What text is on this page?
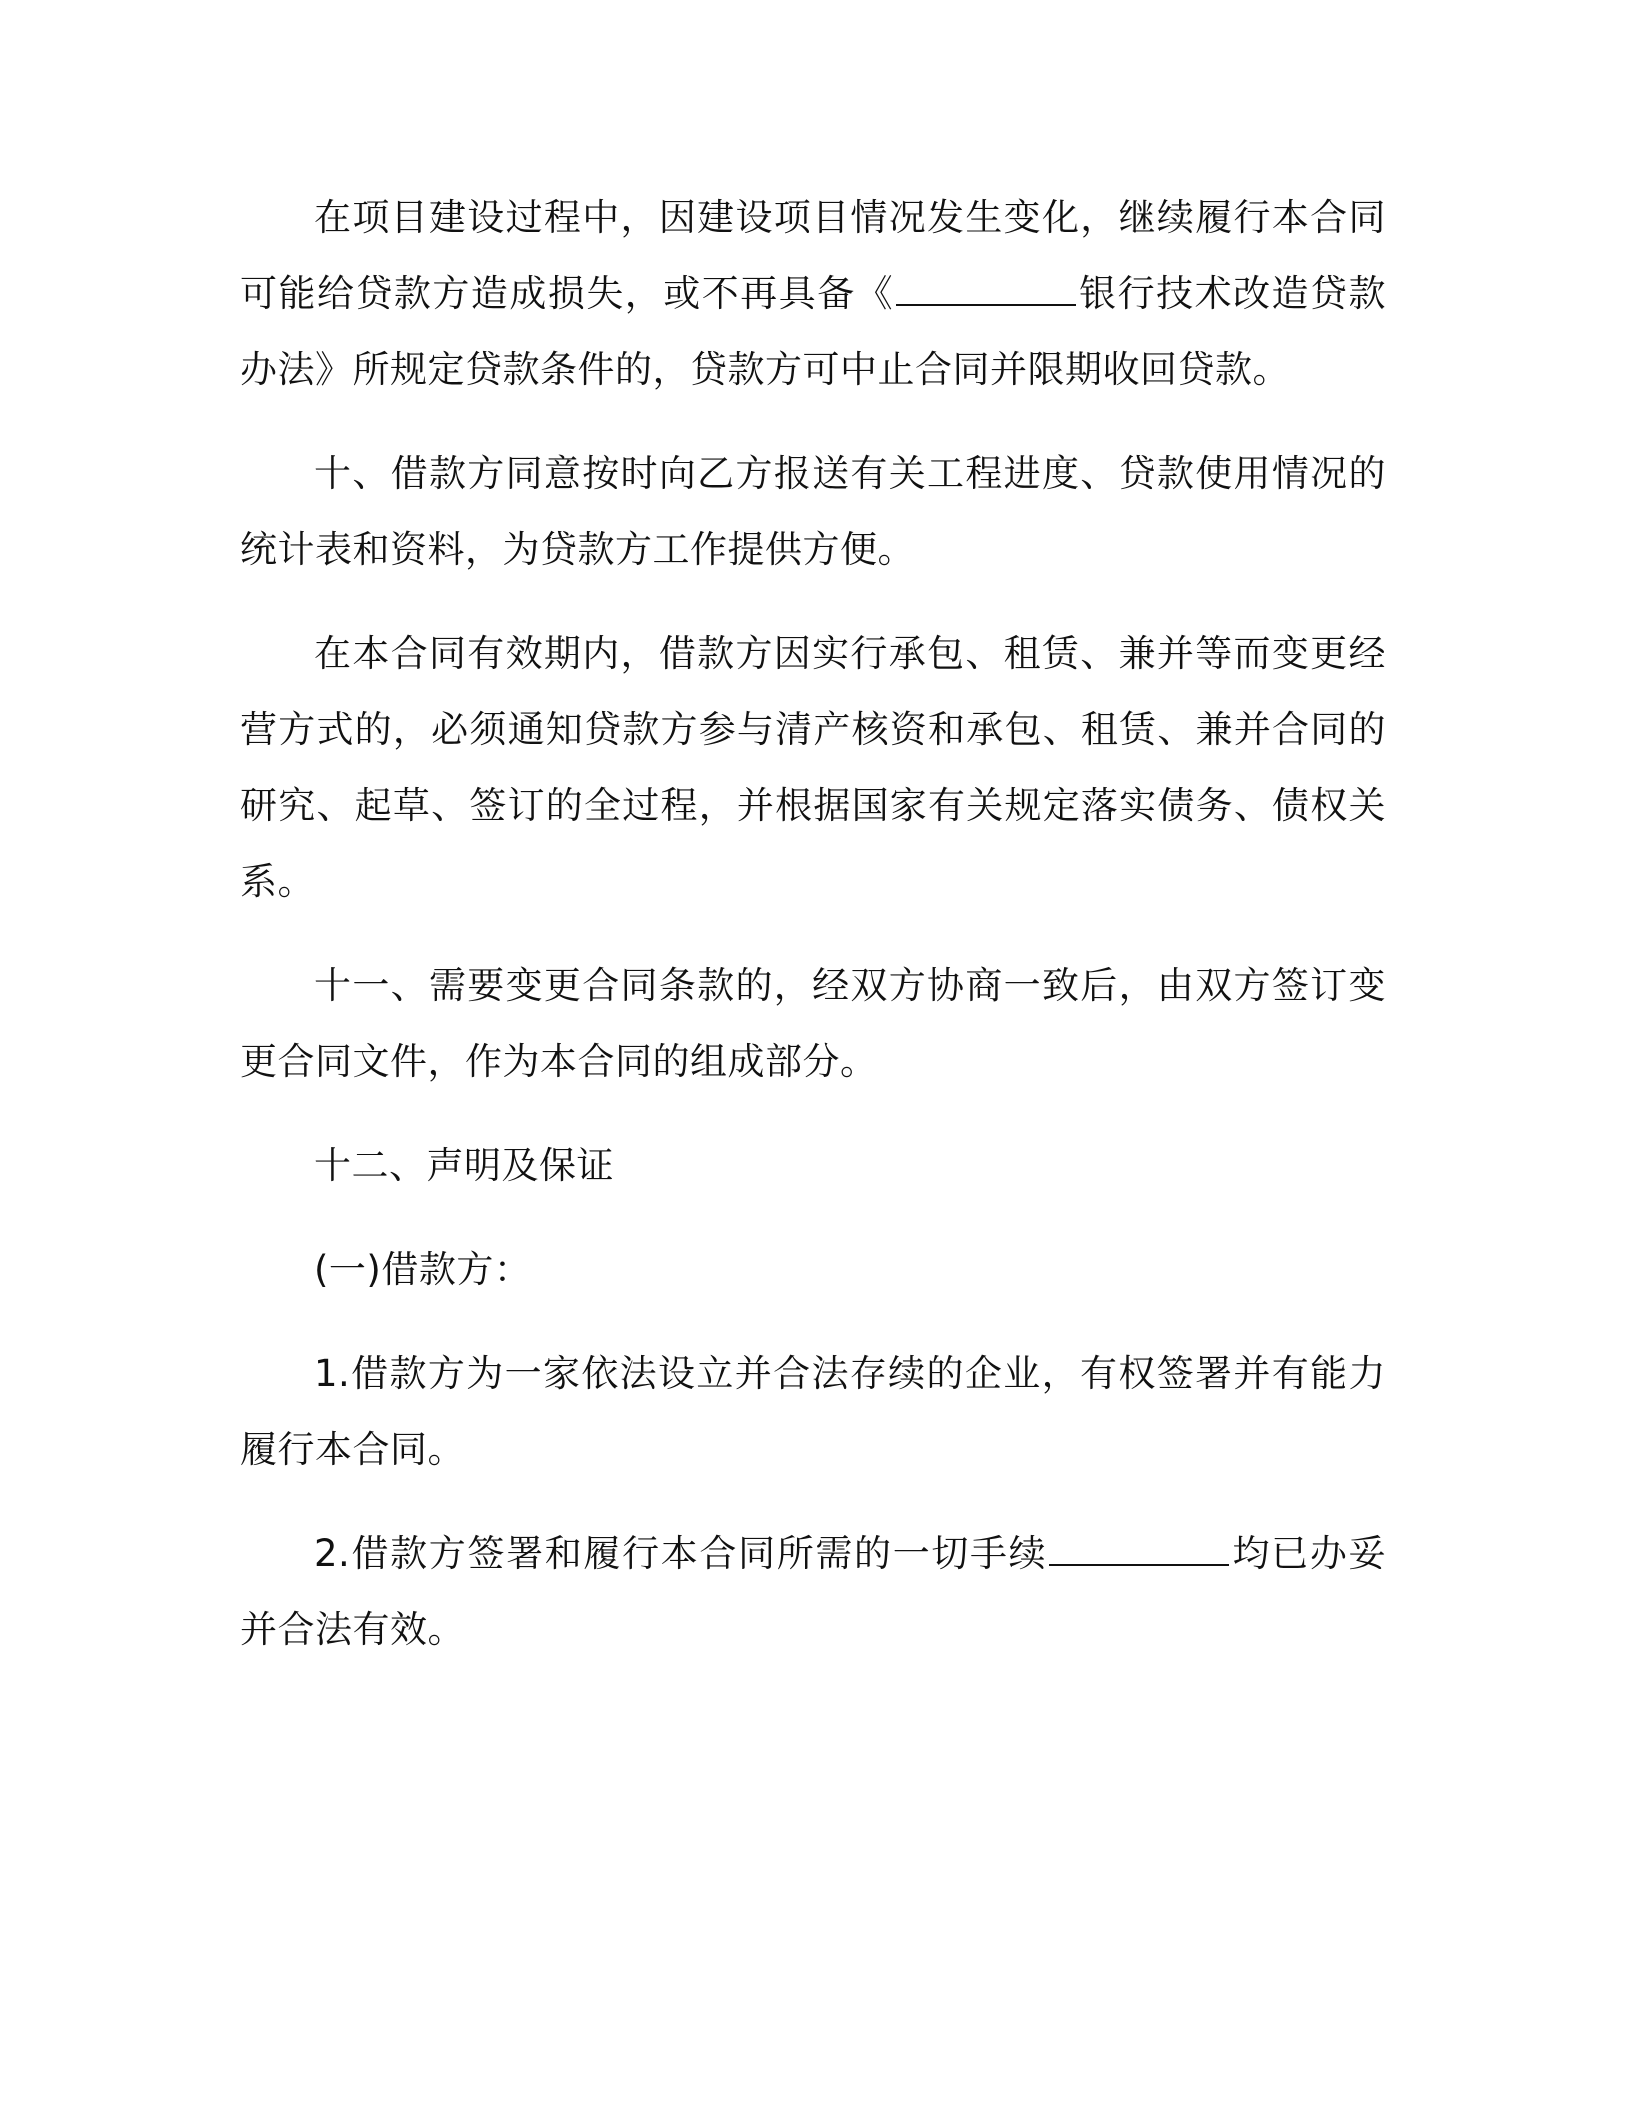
在项目建设过程中，因建设项目情况发生变化，继续履行本合同可能给贷款方造成损失，或不再具备《	银行技术改造贷款办法》所规定贷款条件的，贷款方可中止合同并限期收回贷款。

十、借款方同意按时向乙方报送有关工程进度、贷款使用情况的统计表和资料，为贷款方工作提供方便。

在本合同有效期内，借款方因实行承包、租赁、兼并等而变更经营方式的，必须通知贷款方参与清产核资和承包、租赁、兼并合同的研究、起草、签订的全过程，并根据国家有关规定落实债务、债权关系。

十一、需要变更合同条款的，经双方协商一致后，由双方签订变更合同文件，作为本合同的组成部分。

十二、声明及保证

(一)借款方：

1.借款方为一家依法设立并合法存续的企业，有权签署并有能力履行本合同。

2.借款方签署和履行本合同所需的一切手续	均已办妥并合法有效。
